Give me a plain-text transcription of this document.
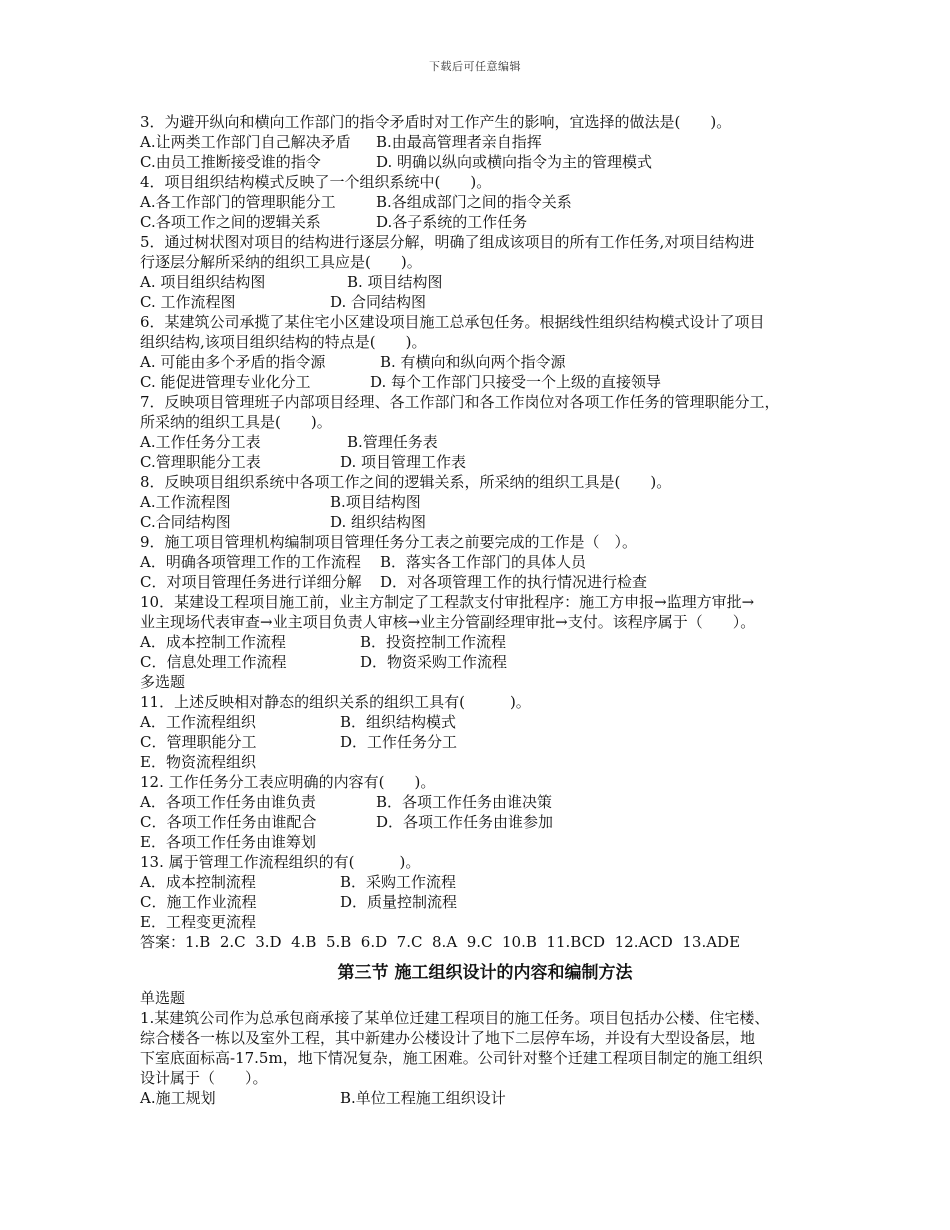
下载后可任意编辑
3．为避开纵向和横向工作部门的指令矛盾时对工作产生的影响，宜选择的做法是(　　)。
A.让两类工作部门自己解决矛盾	B.由最高管理者亲自指挥
C.由员工推断接受谁的指令	D. 明确以纵向或横向指令为主的管理模式
4．项目组织结构模式反映了一个组织系统中(　　)。
A.各工作部门的管理职能分工	B.各组成部门之间的指令关系
C.各项工作之间的逻辑关系	D.各子系统的工作任务
5．通过树状图对项目的结构进行逐层分解，明确了组成该项目的所有工作任务,对项目结构进
行逐层分解所采纳的组织工具应是(　　)。
A. 项目组织结构图	B. 项目结构图
C. 工作流程图	D. 合同结构图
6．某建筑公司承揽了某住宅小区建设项目施工总承包任务。根据线性组织结构模式设计了项目
组织结构,该项目组织结构的特点是(　　)。
A. 可能由多个矛盾的指令源	B. 有横向和纵向两个指令源
C. 能促进管理专业化分工	D. 每个工作部门只接受一个上级的直接领导
7．反映项目管理班子内部项目经理、各工作部门和各工作岗位对各项工作任务的管理职能分工，
所采纳的组织工具是(　　)。
A.工作任务分工表	B.管理任务表
C.管理职能分工表	D. 项目管理工作表
8．反映项目组织系统中各项工作之间的逻辑关系，所采纳的组织工具是(　　)。
A.工作流程图	B.项目结构图
C.合同结构图	D. 组织结构图
9．施工项目管理机构编制项目管理任务分工表之前要完成的工作是（　）。
A．明确各项管理工作的工作流程	B．落实各工作部门的具体人员
C．对项目管理任务进行详细分解	D．对各项管理工作的执行情况进行检查
10．某建设工程项目施工前，业主方制定了工程款支付审批程序：施工方申报→监理方审批→
业主现场代表审查→业主项目负责人审核→业主分管副经理审批→支付。该程序属于（　　）。
A．成本控制工作流程	B．投资控制工作流程
C．信息处理工作流程	D．物资采购工作流程
多选题
11．上述反映相对静态的组织关系的组织工具有(　　　)。
A．工作流程组织	B．组织结构模式
C．管理职能分工	D．工作任务分工
E．物资流程组织
12. 工作任务分工表应明确的内容有(　　)。
A．各项工作任务由谁负责	B．各项工作任务由谁决策
C．各项工作任务由谁配合	D．各项工作任务由谁参加
E．各项工作任务由谁筹划
13. 属于管理工作流程组织的有(　　　)。
A．成本控制流程	B．采购工作流程
C．施工作业流程	D．质量控制流程
E．工程变更流程
答案：1.B  2.C  3.D  4.B  5.B  6.D  7.C  8.A  9.C  10.B  11.BCD  12.ACD  13.ADE
第三节 施工组织设计的内容和编制方法
单选题
1.某建筑公司作为总承包商承接了某单位迁建工程项目的施工任务。项目包括办公楼、住宅楼、
综合楼各一栋以及室外工程，其中新建办公楼设计了地下二层停车场，并设有大型设备层，地
下室底面标高-17.5m，地下情况复杂，施工困难。公司针对整个迁建工程项目制定的施工组织
设计属于（　　）。
A.施工规划	B.单位工程施工组织设计
